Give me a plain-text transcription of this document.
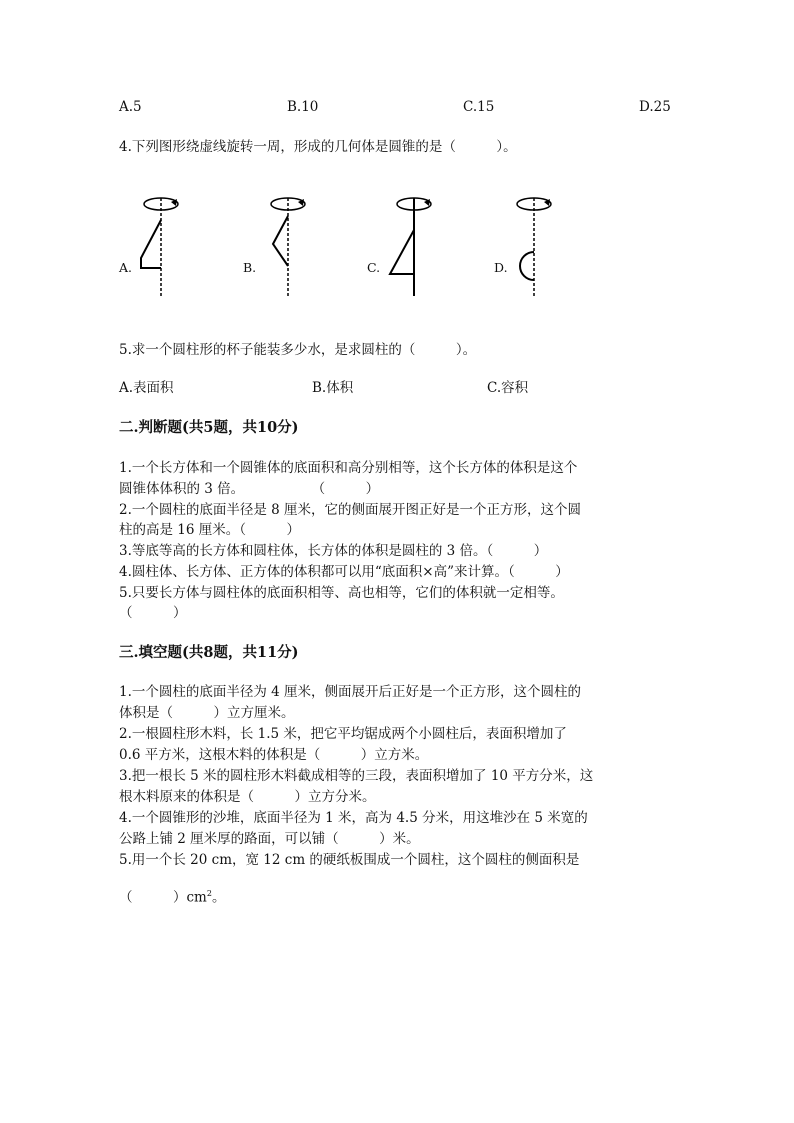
A.5	B.10	C.15	D.25
4.下列图形绕虚线旋转一周，形成的几何体是圆锥的是（　　　）。
A.	B.	C.	D.
5.求一个圆柱形的杯子能装多少水，是求圆柱的（　　　）。
A.表面积	B.体积	C.容积
二.判断题(共5题，共10分)
1.一个长方体和一个圆锥体的底面积和高分别相等，这个长方体的体积是这个
圆锥体体积的 3 倍。　　　　　　（　　　）
2.一个圆柱的底面半径是 8 厘米，它的侧面展开图正好是一个正方形，这个圆
柱的高是 16 厘米。（　　　）
3.等底等高的长方体和圆柱体，长方体的体积是圆柱的 3 倍。（　　　）
4.圆柱体、长方体、正方体的体积都可以用“底面积×高”来计算。（　　　）
5.只要长方体与圆柱体的底面积相等、高也相等，它们的体积就一定相等。
（　　　）
三.填空题(共8题，共11分)
1.一个圆柱的底面半径为 4 厘米，侧面展开后正好是一个正方形，这个圆柱的
体积是（　　　）立方厘米。
2.一根圆柱形木料，长 1.5 米，把它平均锯成两个小圆柱后，表面积增加了
0.6 平方米，这根木料的体积是（　　　）立方米。
3.把一根长 5 米的圆柱形木料截成相等的三段，表面积增加了 10 平方分米，这
根木料原来的体积是（　　　）立方分米。
4.一个圆锥形的沙堆，底面半径为 1 米，高为 4.5 分米，用这堆沙在 5 米宽的
公路上铺 2 厘米厚的路面，可以铺（　　　）米。
5.用一个长 20 cm，宽 12 cm 的硬纸板围成一个圆柱，这个圆柱的侧面积是
（　　　）$cm^2$。
